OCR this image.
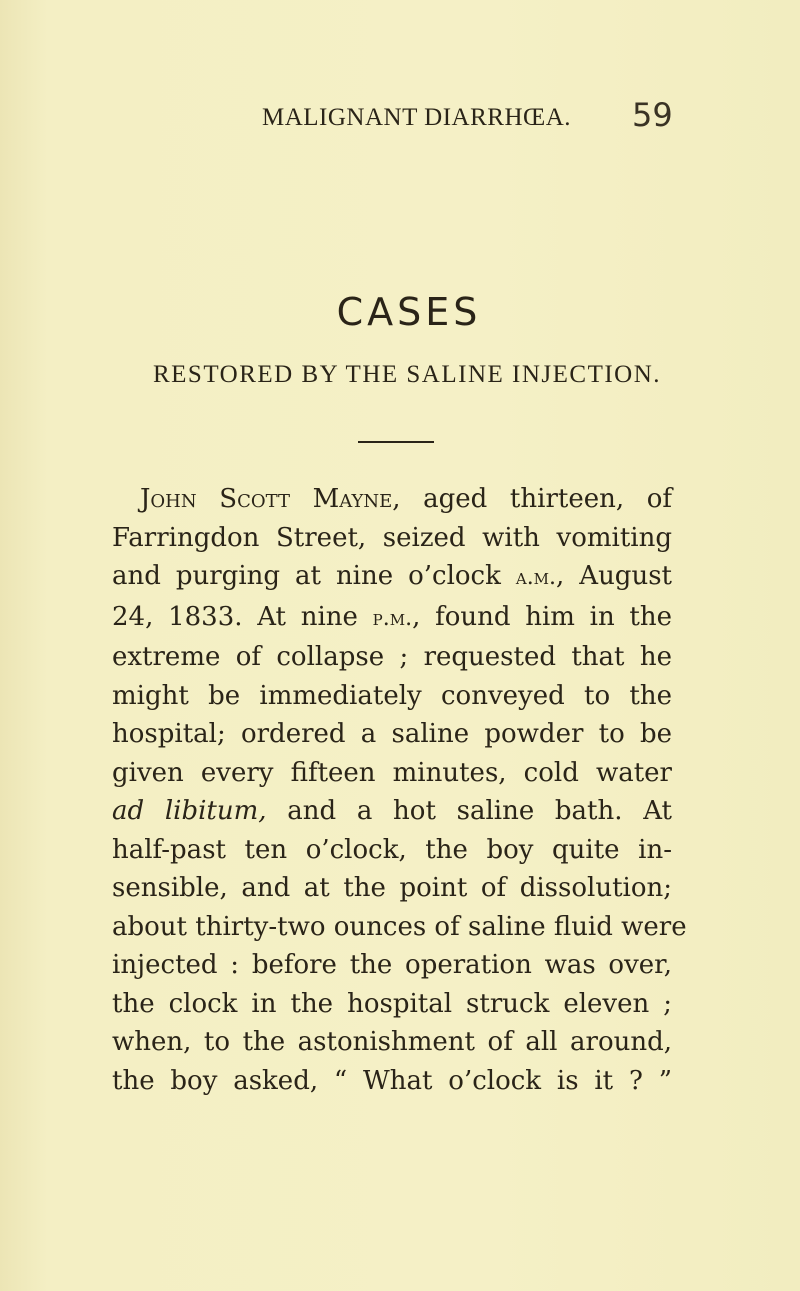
MALIGNANT DIARRHŒA. 59
CASES
RESTORED BY THE SALINE INJECTION.
John Scott Mayne, aged thirteen, of
Farringdon Street, seized with vomiting
and purging at nine o’clock a.m., August
24, 1833. At nine p.m., found him in the
extreme of collapse ; requested that he
might be immediately conveyed to the
hospital; ordered a saline powder to be
given every fifteen minutes, cold water
ad libitum, and a hot saline bath. At
half-past ten o’clock, the boy quite in-
sensible, and at the point of dissolution;
about thirty-two ounces of saline fluid were
injected : before the operation was over,
the clock in the hospital struck eleven ;
when, to the astonishment of all around,
the boy asked, “ What o’clock is it ? ”
